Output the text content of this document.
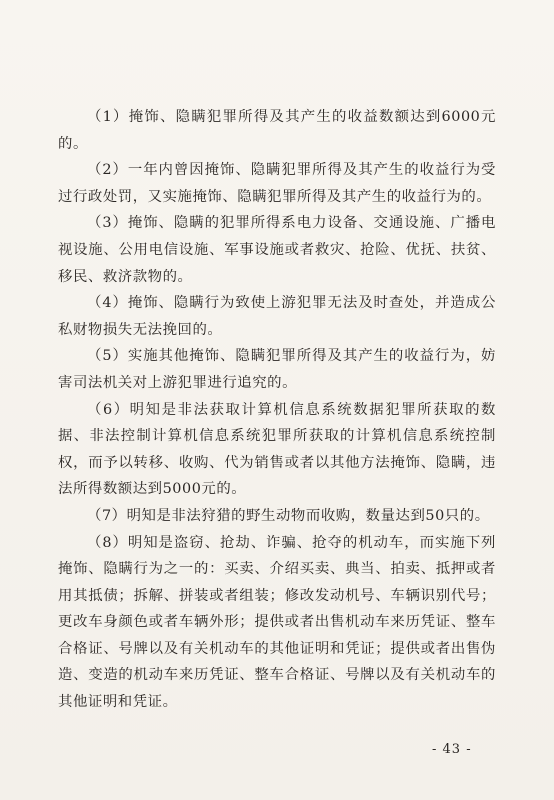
（1）掩饰、隐瞒犯罪所得及其产生的收益数额达到6000元的。

（2）一年内曾因掩饰、隐瞒犯罪所得及其产生的收益行为受过行政处罚，又实施掩饰、隐瞒犯罪所得及其产生的收益行为的。

（3）掩饰、隐瞒的犯罪所得系电力设备、交通设施、广播电视设施、公用电信设施、军事设施或者救灾、抢险、优抚、扶贫、移民、救济款物的。

（4）掩饰、隐瞒行为致使上游犯罪无法及时查处，并造成公私财物损失无法挽回的。

（5）实施其他掩饰、隐瞒犯罪所得及其产生的收益行为，妨害司法机关对上游犯罪进行追究的。

（6）明知是非法获取计算机信息系统数据犯罪所获取的数据、非法控制计算机信息系统犯罪所获取的计算机信息系统控制权，而予以转移、收购、代为销售或者以其他方法掩饰、隐瞒，违法所得数额达到5000元的。

（7）明知是非法狩猎的野生动物而收购，数量达到50只的。

（8）明知是盗窃、抢劫、诈骗、抢夺的机动车，而实施下列掩饰、隐瞒行为之一的：买卖、介绍买卖、典当、拍卖、抵押或者用其抵债；拆解、拼装或者组装；修改发动机号、车辆识别代号；更改车身颜色或者车辆外形；提供或者出售机动车来历凭证、整车合格证、号牌以及有关机动车的其他证明和凭证；提供或者出售伪造、变造的机动车来历凭证、整车合格证、号牌以及有关机动车的其他证明和凭证。

- 43 -
